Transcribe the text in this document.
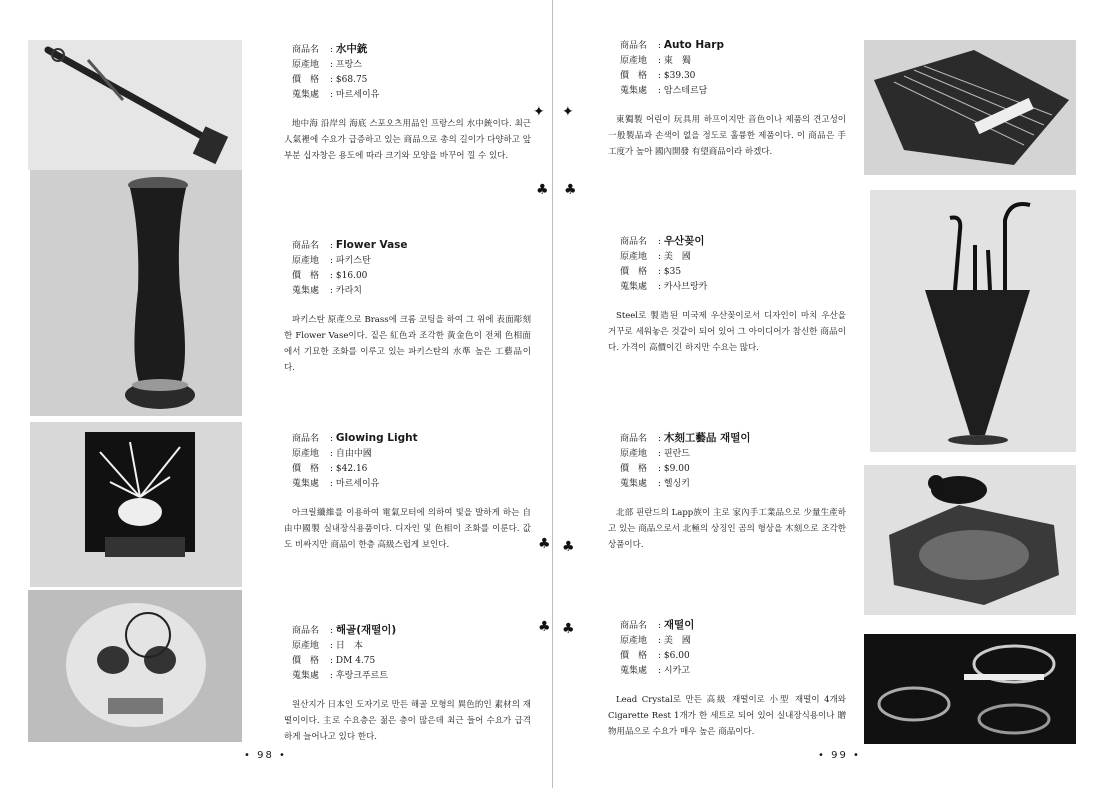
商品名 : 水中銃
原產地 : 프랑스
價　格 : $68.75
蒐集處 : 마르세이유
地中海 沿岸의 海底 스포오츠用品인 프랑스의 水中銃이다. 최근 人氣裡에 수요가 급증하고 있는 商品으로 총의 길이가 다양하고 앞부분 십자창은 용도에 따라 크기와 모양을 바꾸어 낄 수 있다.
商品名 : Flower Vase
原產地 : 파키스탄
價　格 : $16.00
蒐集處 : 카라치
파키스탄 原產으로 Brass에 크롬 코팅을 하여 그 위에 表面彫刻한 Flower Vase이다. 짙은 紅色과 조각한 黃金色이 전체 色相面에서 기묘한 조화를 이루고 있는 파키스탄의 水準 높은 工藝品이다.
商品名 : Glowing Light
原產地 : 自由中國
價　格 : $42.16
蒐集處 : 마르세이유
아크릴纖維를 이용하여 電氣모터에 의하여 빛을 발하게 하는 自由中國製 실내장식용품이다. 디자인 및 色相이 조화를 이룬다. 값도 비싸지만 商品이 한층 高級스럽게 보인다.
商品名 : 해골(재떨이)
原產地 : 日　本
價　格 : DM 4.75
蒐集處 : 후랑크푸르트
원산지가 日本인 도자기로 만든 해골 모형의 異色的인 素材의 재떨이이다. 主로 수요층은 젊은 층이 많은데 최근 들어 수요가 급격하게 늘어나고 있다 한다.
• 98 •
✦ ✦
♣ ♣
♣ ♣
♣ ♣
商品名 : Auto Harp
原產地 : 東　獨
價　格 : $39.30
蒐集處 : 암스테르담
東獨製 어린이 玩具用 하프이지만 音色이나 제품의 견고성이 一般製品과 손색이 없을 정도로 훌륭한 제품이다. 이 商品은 手工度가 높아 國內開發 有望商品이라 하겠다.
商品名 : 우산꽂이
原產地 : 美　國
價　格 : $35
蒐集處 : 카사브랑카
Steel로 製造된 미국제 우산꽂이로서 디자인이 마치 우산을 거꾸로 세워놓은 것같이 되어 있어 그 아이디어가 참신한 商品이다. 가격이 高價이긴 하지만 수요는 많다.
商品名 : 木刻工藝品 재떨이
原產地 : 핀란드
價　格 : $9.00
蒐集處 : 헬싱키
北部 핀란드의 Lapp族이 主로 家內手工業品으로 少量生產하고 있는 商品으로서 北極의 상징인 곰의 형상을 木刻으로 조각한 상품이다.
商品名 : 재떨이
原產地 : 美　國
價　格 : $6.00
蒐集處 : 시카고
Lead Crystal로 만든 高級 재떨이로 小型 재떨이 4개와 Cigarette Rest 1개가 한 세트로 되어 있어 실내장식용이나 贈物用品으로 수요가 매우 높은 商品이다.
• 99 •
